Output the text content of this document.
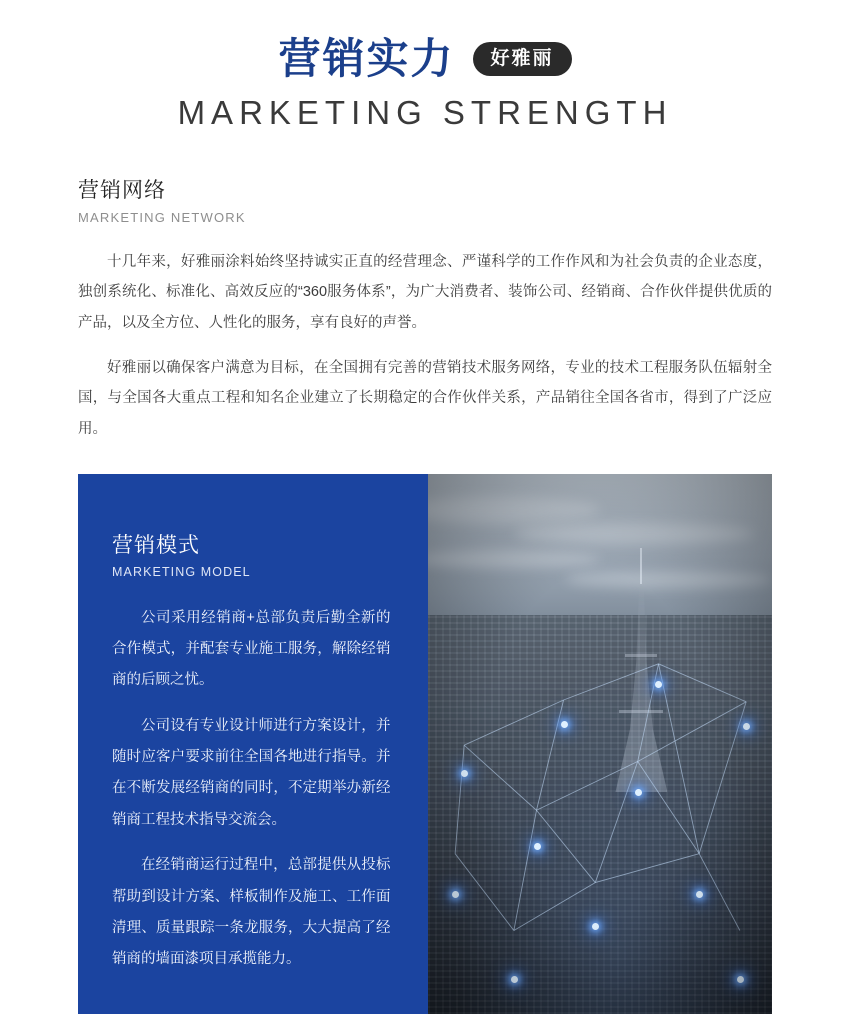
营销实力	好雅丽
MARKETING STRENGTH
营销网络
MARKETING NETWORK

十几年来，好雅丽涂料始终坚持诚实正直的经营理念、严谨科学的工作作风和为社会负责的企业态度，独创系统化、标准化、高效反应的“360服务体系”，为广大消费者、装饰公司、经销商、合作伙伴提供优质的产品，以及全方位、人性化的服务，享有良好的声誉。

好雅丽以确保客户满意为目标，在全国拥有完善的营销技术服务网络，专业的技术工程服务队伍辐射全国，与全国各大重点工程和知名企业建立了长期稳定的合作伙伴关系，产品销往全国各省市，得到了广泛应用。

营销模式
MARKETING MODEL

公司采用经销商+总部负责后勤全新的合作模式，并配套专业施工服务，解除经销商的后顾之忧。

公司设有专业设计师进行方案设计，并随时应客户要求前往全国各地进行指导。并在不断发展经销商的同时，不定期举办新经销商工程技术指导交流会。

在经销商运行过程中，总部提供从投标帮助到设计方案、样板制作及施工、工作面清理、质量跟踪一条龙服务，大大提高了经销商的墙面漆项目承揽能力。
